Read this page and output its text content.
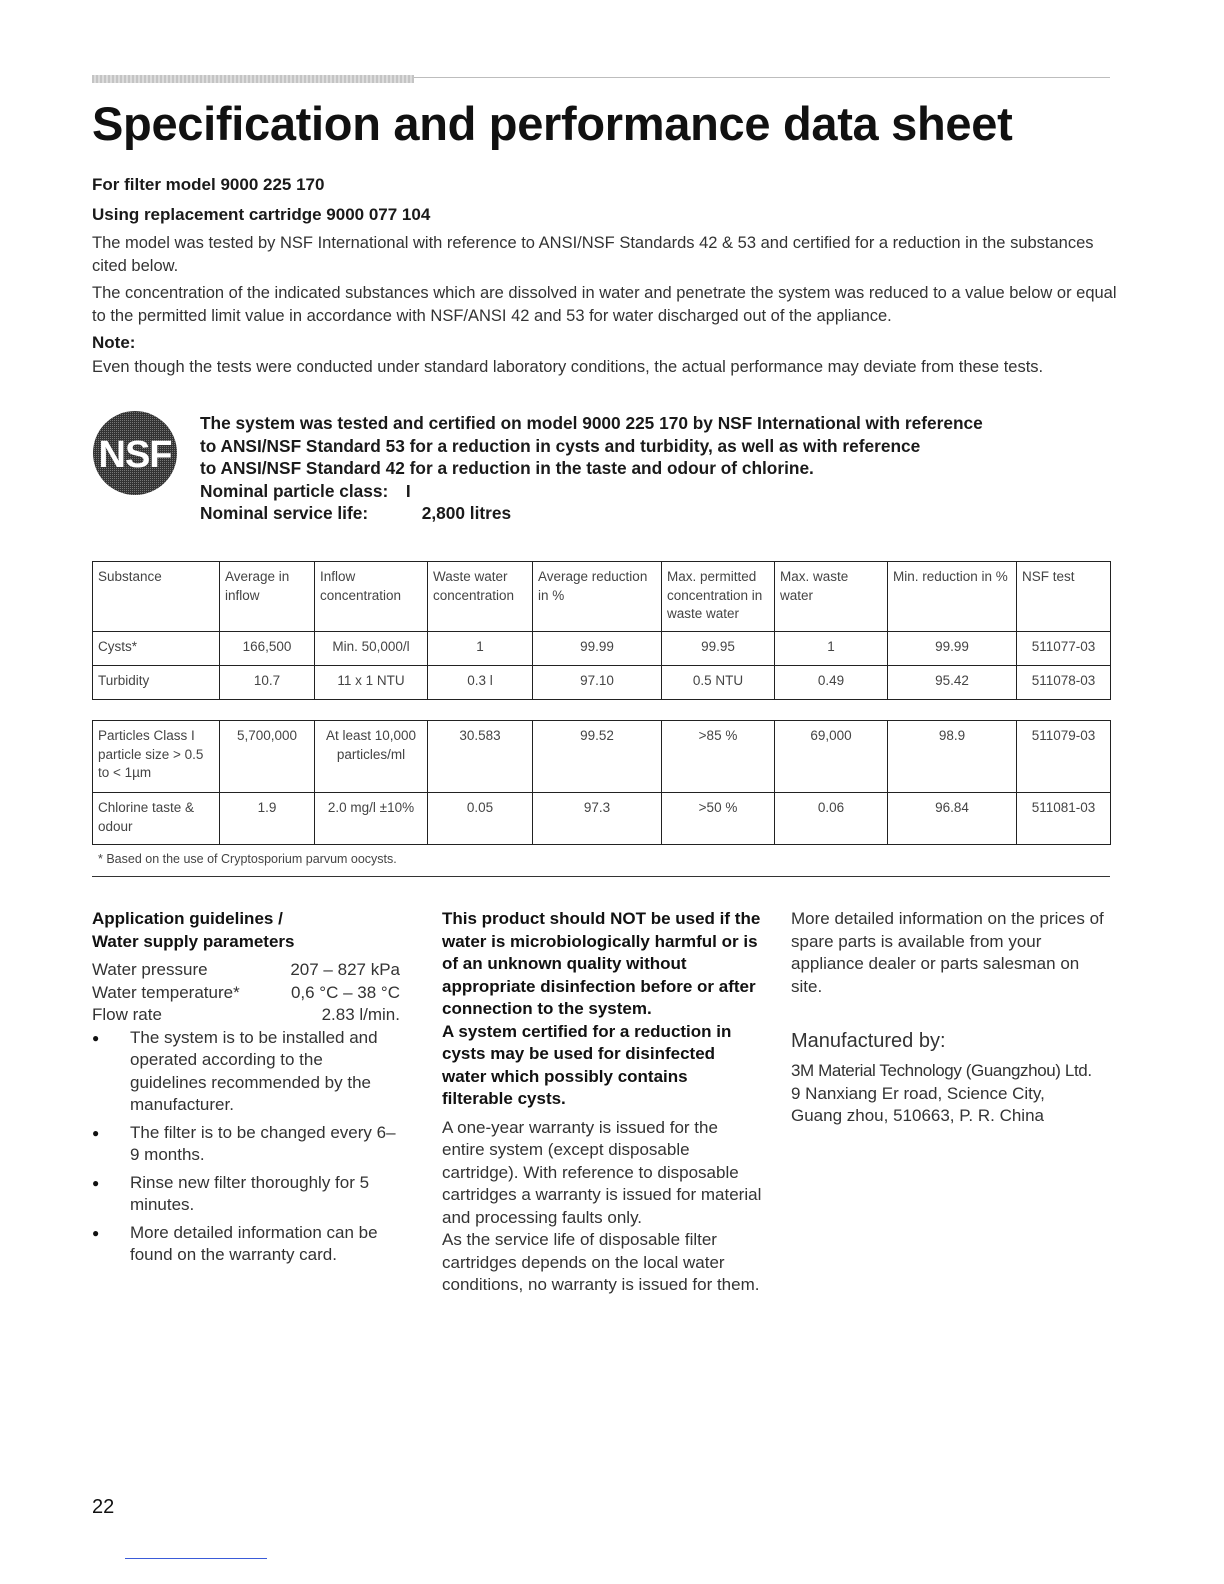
Specification and performance data sheet
For filter model 9000 225 170
Using replacement cartridge 9000 077 104
The model was tested by NSF International with reference to ANSI/NSF Standards 42 & 53 and certified for a reduction in the substances cited below.
The concentration of the indicated substances which are dissolved in water and penetrate the system was reduced to a value below or equal to the permitted limit value in accordance with NSF/ANSI 42 and 53 for water discharged out of the appliance.
Note:
Even though the tests were conducted under standard laboratory conditions, the actual performance may deviate from these tests.
NSF
The system was tested and certified on model 9000 225 170 by NSF International with reference
to ANSI/NSF Standard 53 for a reduction in cysts and turbidity, as well as with reference
to ANSI/NSF Standard 42 for a reduction in the taste and odour of chlorine.
Nominal particle class: I
Nominal service life:	2,800 litres
Substance	Average in inflow	Inflow concentration	Waste water concentration	Average reduction in %	Max. permitted concentration in waste water	Max. waste water	Min. reduction in %	NSF test
Cysts*	166,500	Min. 50,000/l	1	99.99	99.95	1	99.99	511077-03
Turbidity	10.7	11 x 1 NTU	0.3 l	97.10	0.5 NTU	0.49	95.42	511078-03
Particles Class I particle size > 0.5 to < 1µm	5,700,000	At least 10,000 particles/ml	30.583	99.52	>85 %	69,000	98.9	511079-03
Chlorine taste & odour	1.9	2.0 mg/l ±10%	0.05	97.3	>50 %	0.06	96.84	511081-03
* Based on the use of Cryptosporium parvum oocysts.
Application guidelines /
Water supply parameters
Water pressure	207 – 827 kPa
Water temperature*	0,6 °C – 38 °C
Flow rate	2.83 l/min.
● The system is to be installed and operated according to the guidelines recommended by the manufacturer.
● The filter is to be changed every 6–9 months.
● Rinse new filter thoroughly for 5 minutes.
● More detailed information can be found on the warranty card.
This product should NOT be used if the water is microbiologically harmful or is of an unknown quality without appropriate disinfection before or after connection to the system.
A system certified for a reduction in cysts may be used for disinfected water which possibly contains filterable cysts.
A one-year warranty is issued for the entire system (except disposable cartridge). With reference to disposable cartridges a warranty is issued for material and processing faults only.
As the service life of disposable filter cartridges depends on the local water conditions, no warranty is issued for them.
More detailed information on the prices of spare parts is available from your appliance dealer or parts salesman on site.
Manufactured by:
3M Material Technology (Guangzhou) Ltd.
9 Nanxiang Er road, Science City,
Guang zhou, 510663, P. R. China
22
